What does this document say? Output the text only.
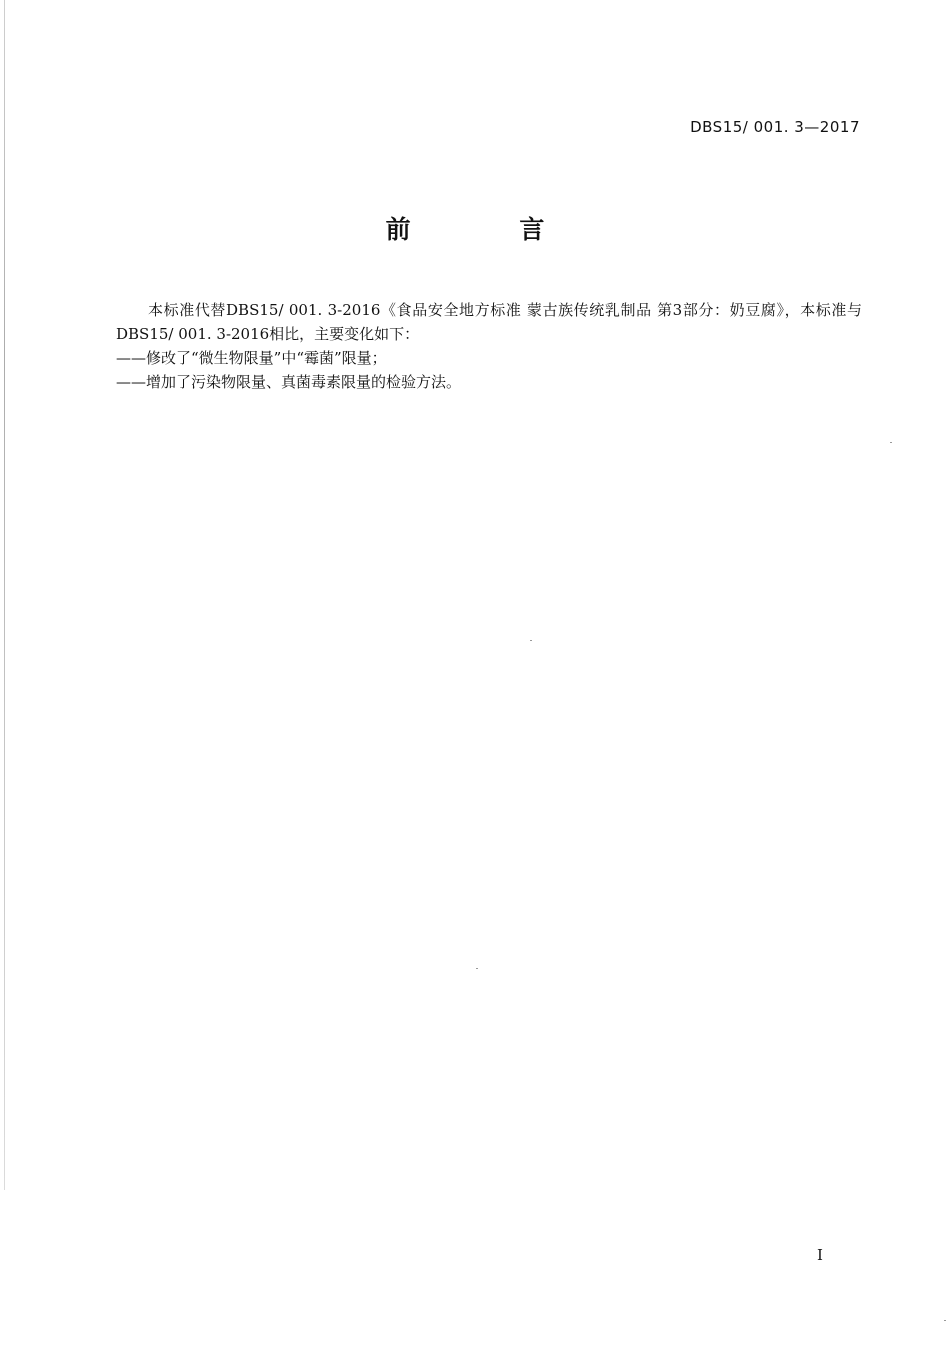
DBS15/ 001. 3—2017
前 言
本标准代替DBS15/ 001. 3-2016《食品安全地方标准 蒙古族传统乳制品 第3部分：奶豆腐》，本标准与DBS15/ 001. 3-2016相比，主要变化如下：
——修改了“微生物限量”中“霉菌”限量；
——增加了污染物限量、真菌毒素限量的检验方法。
I
